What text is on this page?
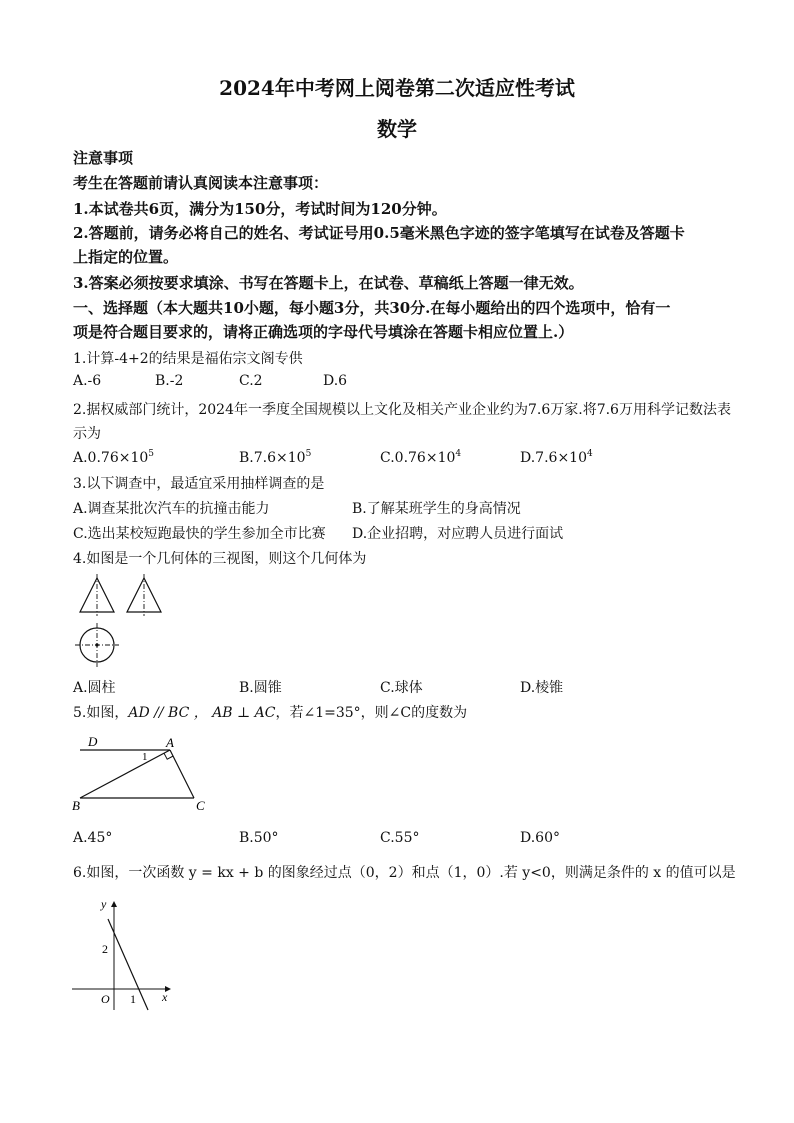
2024年中考网上阅卷第二次适应性考试
数学
注意事项
考生在答题前请认真阅读本注意事项：
1.本试卷共6页，满分为150分，考试时间为120分钟。
2.答题前，请务必将自己的姓名、考试证号用0.5毫米黑色字迹的签字笔填写在试卷及答题卡
上指定的位置。
3.答案必须按要求填涂、书写在答题卡上，在试卷、草稿纸上答题一律无效。
一、选择题（本大题共10小题，每小题3分，共30分.在每小题给出的四个选项中，恰有一
项是符合题目要求的，请将正确选项的字母代号填涂在答题卡相应位置上.）
1.计算-4+2的结果是福佑宗文阁专供
A.-6	B.-2	C.2	D.6
2.据权威部门统计，2024年一季度全国规模以上文化及相关产业企业约为7.6万家.将7.6万用科学记数法表
示为
$A.0.76\times 10^5$	$B.7.6\times 10^5$	$C.0.76\times 10^4$	$D.7.6\times 10^4$
3.以下调查中，最适宜采用抽样调查的是
A.调查某批次汽车的抗撞击能力	B.了解某班学生的身高情况
C.选出某校短跑最快的学生参加全市比赛 D.企业招聘，对应聘人员进行面试
4.如图是一个几何体的三视图，则这个几何体为
A.圆柱	B.圆锥	C.球体	D.棱锥
5.如图，AD // BC ， AB ⊥ AC，若∠1=35°，则∠C的度数为
D	A
B	C
1
A.45°	B.50°	C.55°	D.60°
6.如图，一次函数 y = kx + b 的图象经过点（0，2）和点（1，0）.若 y<0，则满足条件的 x 的值可以是
y
x
O
2
1
